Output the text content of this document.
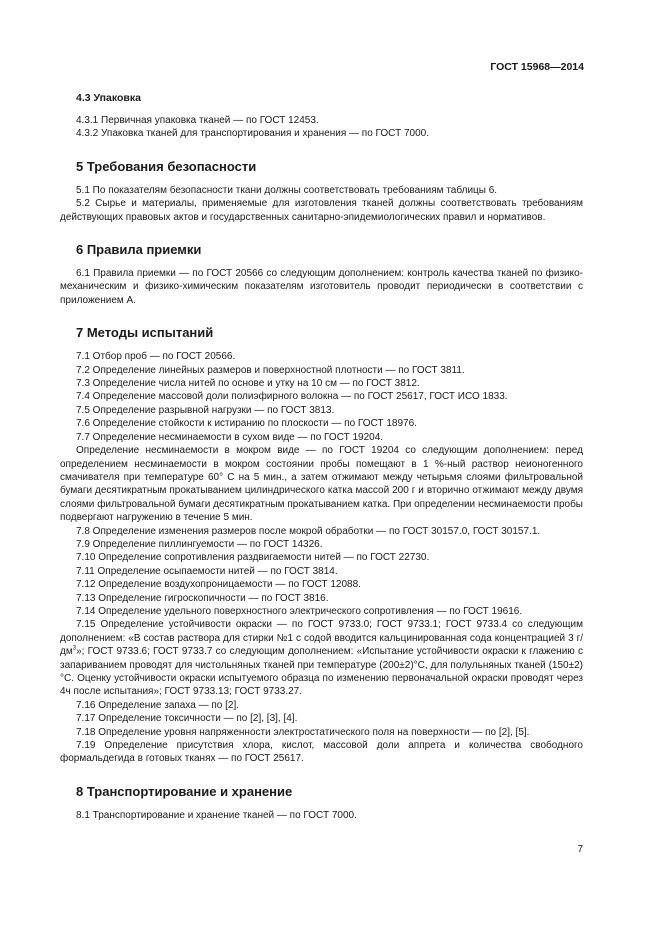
ГОСТ 15968—2014
4.3 Упаковка

4.3.1 Первичная упаковка тканей — по ГОСТ 12453.

4.3.2 Упаковка тканей для транспортирования и хранения — по ГОСТ 7000.

5 Требования безопасности

5.1 По показателям безопасности ткани должны соответствовать требованиям таблицы 6.

5.2 Сырье и материалы, применяемые для изготовления тканей должны соответствовать требованиям действующих правовых актов и государственных санитарно-эпидемиологических правил и нормативов.

6 Правила приемки

6.1 Правила приемки — по ГОСТ 20566 со следующим дополнением: контроль качества тканей по физико-механическим и физико-химическим показателям изготовитель проводит периодически в соответствии с приложением А.

7 Методы испытаний

7.1 Отбор проб — по ГОСТ 20566.

7.2 Определение линейных размеров и поверхностной плотности — по ГОСТ 3811.

7.3 Определение числа нитей по основе и утку на 10 см — по ГОСТ 3812.

7.4 Определение массовой доли полиэфирного волокна — по ГОСТ 25617, ГОСТ ИСО 1833.

7.5 Определение разрывной нагрузки — по ГОСТ 3813.

7.6 Определение стойкости к истиранию по плоскости — по ГОСТ 18976.

7.7 Определение несминаемости в сухом виде — по ГОСТ 19204.

Определение несминаемости в мокром виде — по ГОСТ 19204 со следующим дополнением: перед определением несминаемости в мокром состоянии пробы помещают в 1 %-ный раствор неионогенного смачивателя при температуре 60° С на 5 мин., а затем отжимают между четырьмя слоями фильтровальной бумаги десятикратным прокатыванием цилиндрического катка массой 200 г и вторично отжимают между двумя слоями фильтровальной бумаги десятикратным прокатыванием катка. При определении несминаемости пробы подвергают нагружению в течение 5 мин.

7.8 Определение изменения размеров после мокрой обработки — по ГОСТ 30157.0, ГОСТ 30157.1.

7.9 Определение пиллингуемости — по ГОСТ 14326.

7.10 Определение сопротивления раздвигаемости нитей — по ГОСТ 22730.

7.11 Определение осыпаемости нитей — по ГОСТ 3814.

7.12 Определение воздухопроницаемости — по ГОСТ 12088.

7.13 Определение гигроскопичности — по ГОСТ 3816.

7.14 Определение удельного поверхностного электрического сопротивления — по ГОСТ 19616.

7.15 Определение устойчивости окраски — по ГОСТ 9733.0; ГОСТ 9733.1; ГОСТ 9733.4 со следующим дополнением: «В состав раствора для стирки №1 с содой вводится кальцинированная сода концентрацией 3 $г/дм^3$»; ГОСТ 9733.6; ГОСТ 9733.7 со следующим дополнением: «Испытание устойчивости окраски к глажению с запариванием проводят для чистольняных тканей при температуре (200±2)°С, для полульняных тканей (150±2)°С. Оценку устойчивости окраски испытуемого образца по изменению первоначальной окраски проводят через 4ч после испытания»; ГОСТ 9733.13; ГОСТ 9733.27.

7.16 Определение запаха — по [2].

7.17 Определение токсичности — по [2], [3], [4].

7.18 Определение уровня напряженности электростатического поля на поверхности — по [2], [5].

7.19 Определение присутствия хлора, кислот, массовой доли аппрета и количества свободного формальдегида в готовых тканях — по ГОСТ 25617.

8 Транспортирование и хранение

8.1 Транспортирование и хранение тканей — по ГОСТ 7000.

7
